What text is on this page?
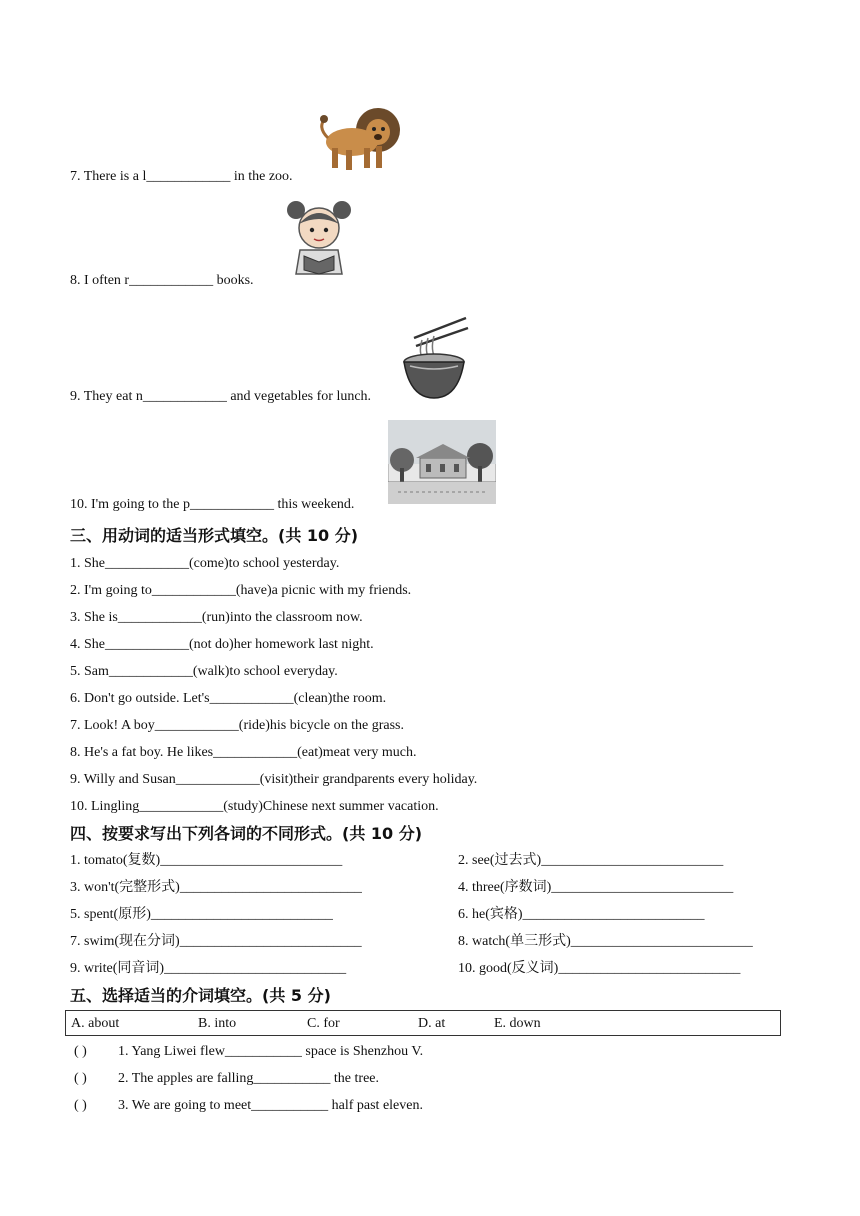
7. There is a l____________ in the zoo.
8. I often r____________ books.
9. They eat n____________ and vegetables for lunch.
10. I'm going to the p____________ this weekend.
三、用动词的适当形式填空。(共 10 分)
1. She____________(come)to school yesterday.
2. I'm going to____________(have)a picnic with my friends.
3. She is____________(run)into the classroom now.
4. She____________(not do)her homework last night.
5. Sam____________(walk)to school everyday.
6. Don't go outside. Let's____________(clean)the room.
7. Look! A boy____________(ride)his bicycle on the grass.
8. He's a fat boy. He likes____________(eat)meat very much.
9. Willy and Susan____________(visit)their grandparents every holiday.
10. Lingling____________(study)Chinese next summer vacation.
四、按要求写出下列各词的不同形式。(共 10 分)
1. tomato(复数)__________________________	2. see(过去式)__________________________
3. won't(完整形式)__________________________	4. three(序数词)__________________________
5. spent(原形)__________________________	6. he(宾格)__________________________
7. swim(现在分词)__________________________	8. watch(单三形式)__________________________
9. write(同音词)__________________________	10. good(反义词)__________________________
五、选择适当的介词填空。(共 5 分)
A. about	B. into	C. for	D. at	E. down
( ) 1. Yang Liwei flew___________ space is Shenzhou V.
( ) 2. The apples are falling___________ the tree.
( ) 3. We are going to meet___________ half past eleven.
